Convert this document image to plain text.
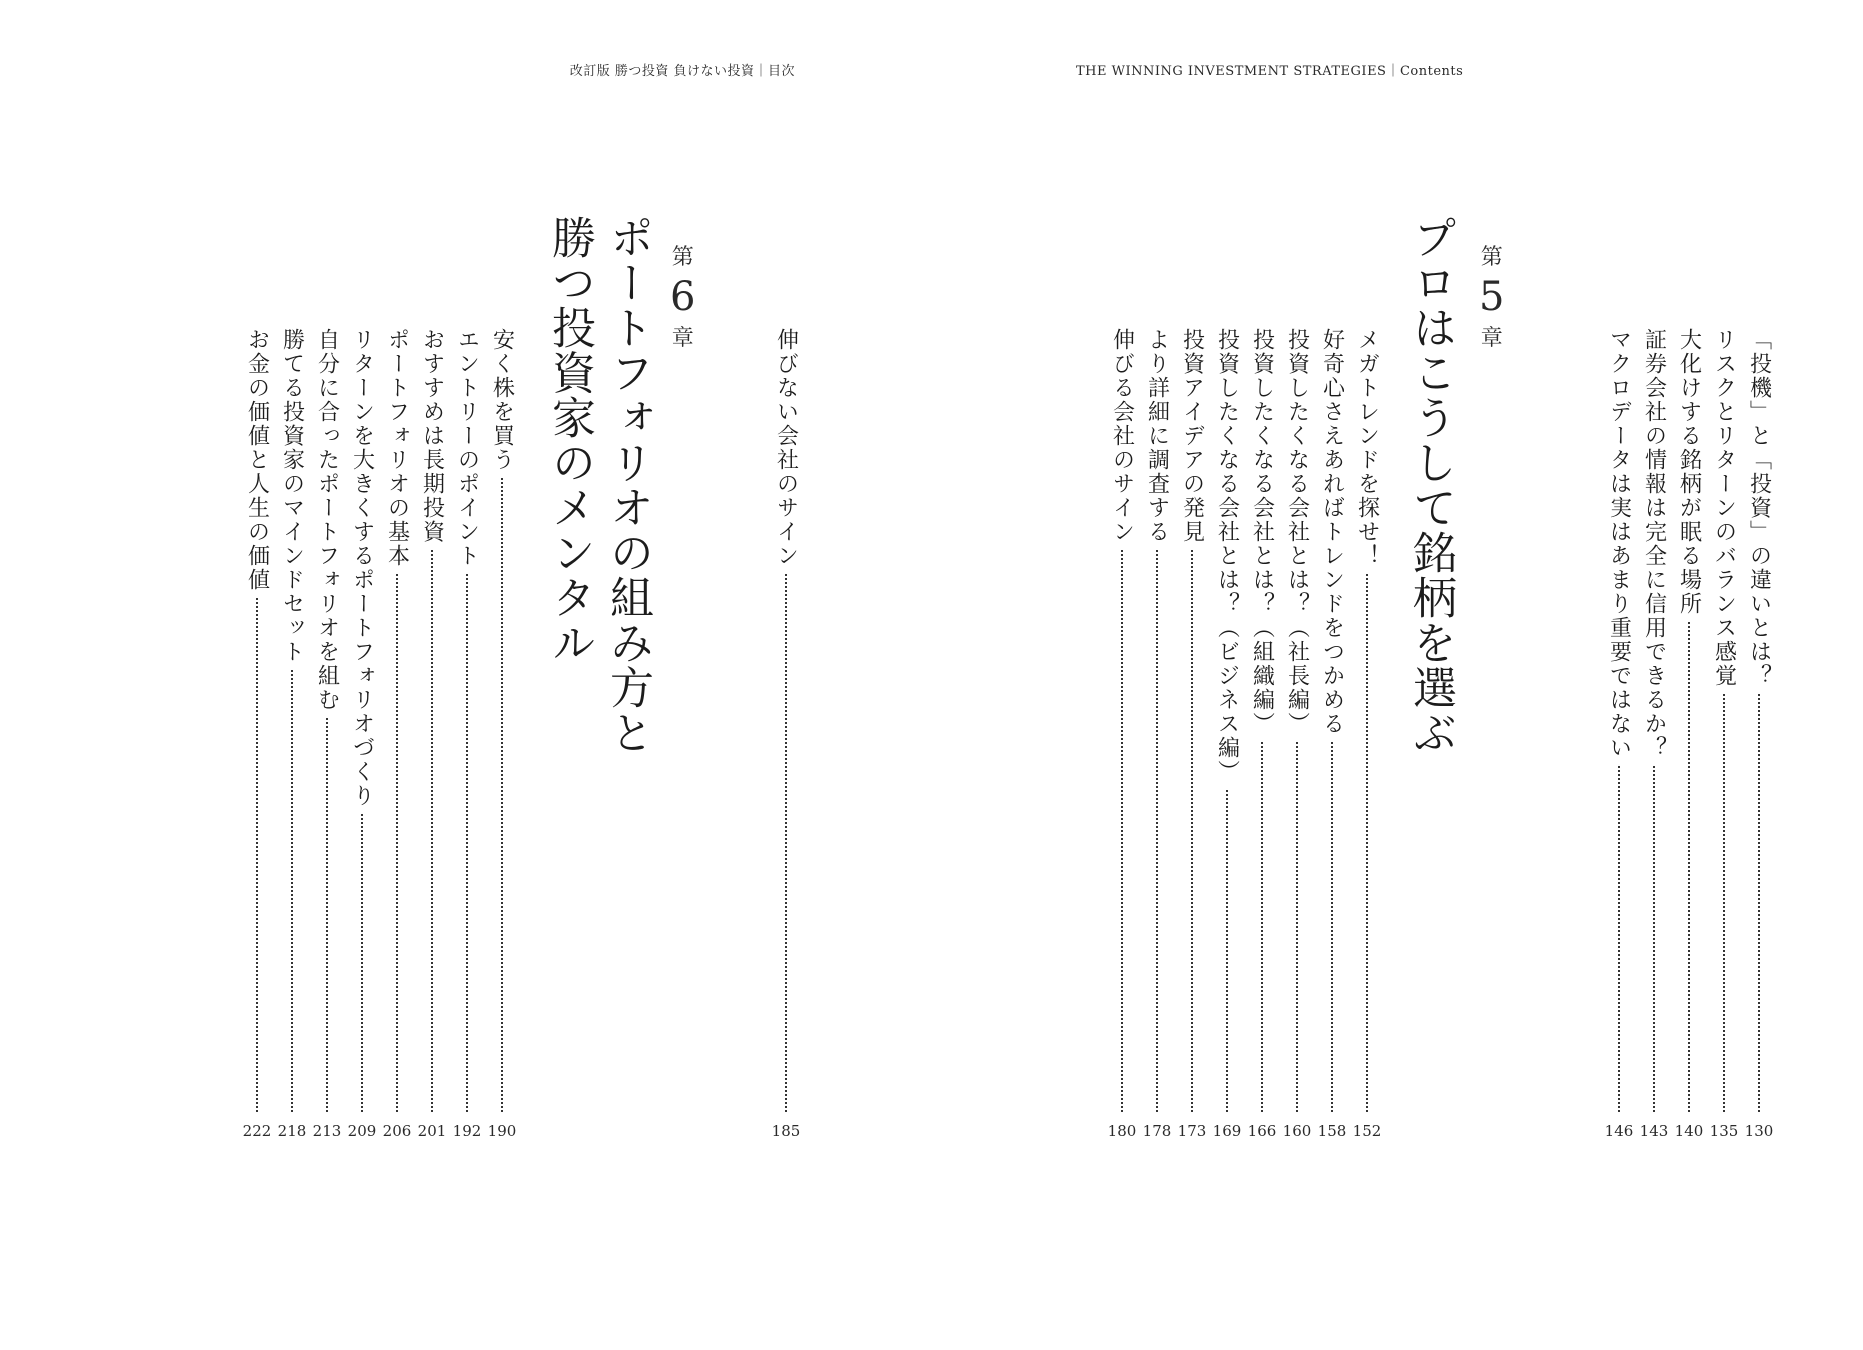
改訂版 勝つ投資 負けない投資｜目次
伸びない会社のサイン
185
第
6
章
ポートフォリオの組み方と
勝つ投資家のメンタル
安く株を買う
190
エントリーのポイント
192
おすすめは長期投資
201
ポートフォリオの基本
206
リターンを大きくするポートフォリオづくり
209
自分に合ったポートフォリオを組む
213
勝てる投資家のマインドセット
218
お金の価値と人生の価値
222
THE WINNING INVESTMENT STRATEGIES｜Contents
「投機」と「投資」の違いとは？
130
リスクとリターンのバランス感覚
135
大化けする銘柄が眠る場所
140
証券会社の情報は完全に信用できるか？
143
マクロデータは実はあまり重要ではない
146
第
5
章
プロはこうして銘柄を選ぶ
メガトレンドを探せ！
152
好奇心さえあればトレンドをつかめる
158
投資したくなる会社とは？（社長編）
160
投資したくなる会社とは？（組織編）
166
投資したくなる会社とは？（ビジネス編）
169
投資アイデアの発見
173
より詳細に調査する
178
伸びる会社のサイン
180
